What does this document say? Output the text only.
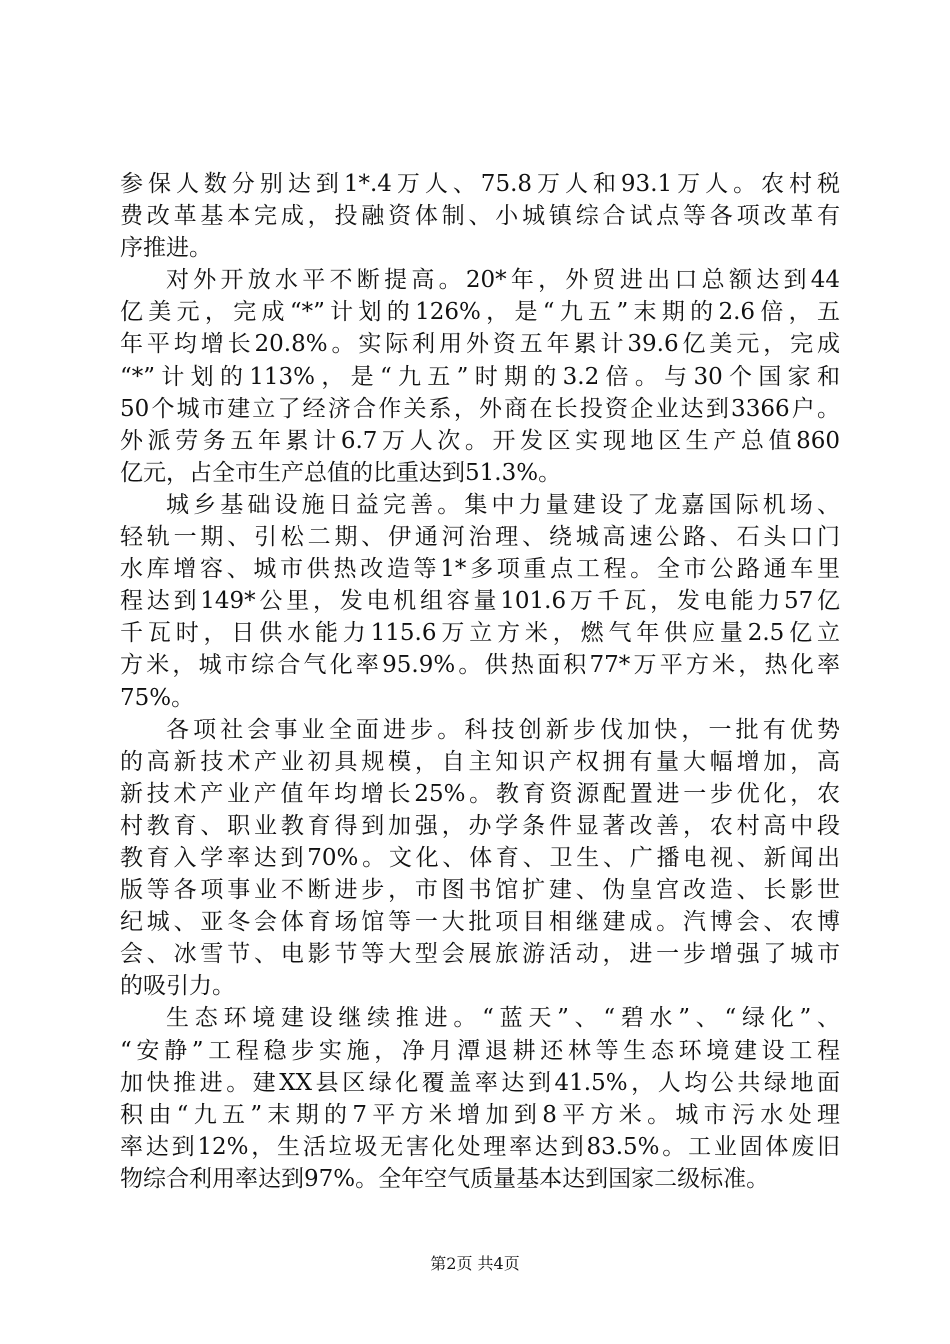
参保人数分别达到1*.4万人、75.8万人和93.1万人。农村税
费改革基本完成，投融资体制、小城镇综合试点等各项改革有
序推进。
对外开放水平不断提高。20*年，外贸进出口总额达到44
亿美元，完成“*”计划的126%，是“九五”末期的2.6倍，五
年平均增长20.8%。实际利用外资五年累计39.6亿美元，完成
“*”计划的113%，是“九五”时期的3.2倍。与30个国家和
50个城市建立了经济合作关系，外商在长投资企业达到3366户。
外派劳务五年累计6.7万人次。开发区实现地区生产总值860
亿元，占全市生产总值的比重达到51.3%。
城乡基础设施日益完善。集中力量建设了龙嘉国际机场、
轻轨一期、引松二期、伊通河治理、绕城高速公路、石头口门
水库增容、城市供热改造等1*多项重点工程。全市公路通车里
程达到149*公里，发电机组容量101.6万千瓦，发电能力57亿
千瓦时，日供水能力115.6万立方米，燃气年供应量2.5亿立
方米，城市综合气化率95.9%。供热面积77*万平方米，热化率
75%。
各项社会事业全面进步。科技创新步伐加快，一批有优势
的高新技术产业初具规模，自主知识产权拥有量大幅增加，高
新技术产业产值年均增长25%。教育资源配置进一步优化，农
村教育、职业教育得到加强，办学条件显著改善，农村高中段
教育入学率达到70%。文化、体育、卫生、广播电视、新闻出
版等各项事业不断进步，市图书馆扩建、伪皇宫改造、长影世
纪城、亚冬会体育场馆等一大批项目相继建成。汽博会、农博
会、冰雪节、电影节等大型会展旅游活动，进一步增强了城市
的吸引力。
生态环境建设继续推进。“蓝天”、“碧水”、“绿化”、
“安静”工程稳步实施，净月潭退耕还林等生态环境建设工程
加快推进。建XX县区绿化覆盖率达到41.5%，人均公共绿地面
积由“九五”末期的7平方米增加到8平方米。城市污水处理
率达到12%，生活垃圾无害化处理率达到83.5%。工业固体废旧
物综合利用率达到97%。全年空气质量基本达到国家二级标准。
第2页 共4页
